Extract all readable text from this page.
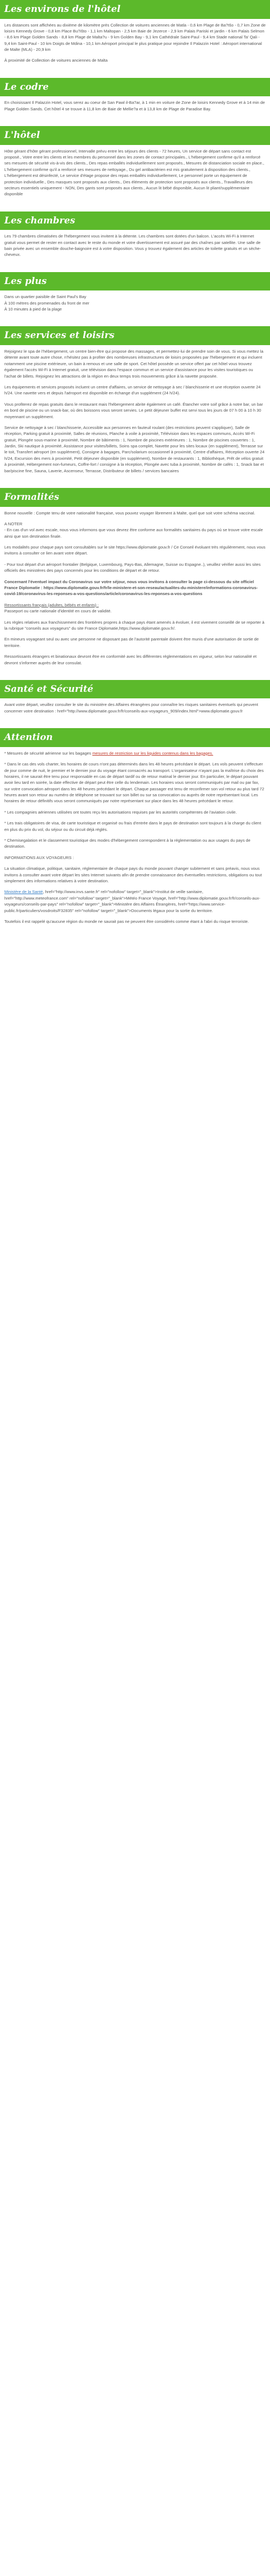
Les environs de l'hôtel

Les distances sont affichées au dixième de kilomètre près Collection de voitures anciennes de Matla - 0,6 km Plage de Ba?tšo - 0,7 km Zone de loisirs Kennedy Grove - 0,8 km Place Bu?išto - 1,1 km Maltopan - 2,5 km Baie de Jezerce - 2,9 km Palais Pariski et jardin - 6 km Palais Selmon - 8,6 km Plage Golden Sands - 8,8 km Plage de Malta?u - 9 km Golden Bay - 9,1 km Cathédrale Saint-Paul - 9,4 km Stade national Ta' Qali - 9,4 km Saint-Paul - 10 km Doigts de Mdina - 10,1 km Aéroport principal le plus pratique pour rejoindre Il Palazzin Hotel : Aéroport international de Malte (MLA) - 20,9 km

À proximité de Collection de voitures anciennes de Malta

Le codre

En choisissant Il Palazzin Hotel, vous serez au coeur de San Pawl il-Ba?ar, à 1 min en voiture de Zone de loisirs Kennedy Grove et à 14 min de Plage Golden Sands. Cet hôtel 4 se trouve à 11,8 km de Baie de Mellie?a et à 13,8 km de Plage de Paradise Bay.

L'hôtel

Hôte gérant d'hôte gérant professionnel, Intervalle prévu entre les séjours des clients - 72 heures, Un service de départ sans contact est proposé., Votre entre les clients et les membres du personnel dans les zones de contact principales., L'hébergement confirme qu'il a renforcé ses mesures de sécurité vis-à-vis des clients., Des repas emballés individuellement sont proposés., Mesures de distanciation sociale en place., L'hébergement confirme qu'il a renforcé ses mesures de nettoyage., Du gel antibactérien est mis gratuitement à disposition des clients., L'hébergement est désinfecté, Le service d'étage propose des repas emballés individuellement, Le personnel porte un équipement de protection individuelle., Des masques sont proposés aux clients., Des éléments de protection sont proposés aux clients., Travailleurs des secteurs essentiels uniquement - NON, Des gants sont proposés aux clients., Aucun lit bébé disponible, Aucun lit pliant/supplémentaire disponible

Les chambres

Les 79 chambres climatisées de l'hébergement vous invitent à la détente. Les chambres sont dotées d'un balcon. L'accès Wi-Fi à Internet gratuit vous permet de rester en contact avec le reste du monde et votre divertissement est assuré par des chaînes par satellite. Une salle de bain privée avec un ensemble douche-baignoire est à votre disposition. Vous y trouvez également des articles de toilette gratuits et un sèche-cheveux.

Les plus

Dans un quartier paisible de Saint Paul's Bay

À 100 mètres des promenades du front de mer

À 10 minutes à pied de la plage

Les services et loisirs

Rejoignez le spa de l'hébergement, un centre bien-être qui propose des massages, et permettez-lui de prendre soin de vous. Si vous mettez la détente avant toute autre chose, n'hésitez pas à profiter des nombreuses infrastructures de loisirs proposées par l'hébergement et qui incluent notamment une piscine extérieure, un bain à remous et une salle de sport. Cet hôtel possède un service offert par cet hôtel vous trouvez également l'accès Wi-Fi à Internet gratuit, une télévision dans l'espace commun et un service d'assistance pour les visites touristiques ou l'achat de billets. Rejoignez les attractions de la région en deux temps trois mouvements grâce à la navette proposée.

Les équipements et services proposés incluent un centre d'affaires, un service de nettoyage à sec / blanchisserie et une réception ouverte 24 h/24. Une navette vers et depuis l'aéroport est disponible en échange d'un supplément (24 h/24).

Vous profiterez de repas gratuits dans le restaurant mais l'hébergement abrite également un café. Étancher votre soif grâce à notre bar, un bar en bord de piscine ou un snack-bar, où des boissons vous seront servies. Le petit déjeuner buffet est servi tous les jours de 07 h 00 à 10 h 30 moyennant un supplément.

Service de nettoyage à sec / blanchisserie, Accessible aux personnes en fauteuil roulant (des restrictions peuvent s'appliquer), Salle de réception, Parking gratuit à proximité, Salles de réunions, Planche à voile à proximité, Télévision dans les espaces communs, Accès Wi-Fi gratuit, Plongée sous-marine à proximité, Nombre de bâtiments : 1, Nombre de piscines extérieures : 1, Nombre de piscines couvertes : 1, Jardin, Ski nautique à proximité, Assistance pour visites/billets, Soins spa complet, Navette pour les sites locaux (en supplément), Terrasse sur le toit, Transfert aéroport (en supplément), Consigne à bagages, Parc/solarium occasionnel à proximité, Centre d'affaires, Réception ouverte 24 h/24, Excursion des mers à proximité, Petit déjeuner disponible (en supplément), Nombre de restaurants : 1, Bibliothèque, Prêt de vélos gratuit à proximité, Hébergement non-fumeurs, Coffre-fort / consigne à la réception, Plongée avec tuba à proximité, Nombre de cafés : 1, Snack bar et bar/piscine fine, Sauna, Laverie, Ascenseur, Terrasse, Distributeur de billets / services bancaires

Formalités

Bonne nouvelle : Compte tenu de votre nationalité française, vous pouvez voyager librement à Malte, quel que soit votre schéma vaccinal.

A NOTER

- En cas d'un vol avec escale, nous vous informons que vous devrez être conforme aux formalités sanitaires du pays où se trouve votre escale ainsi que son destination finale.

Les modalités pour chaque pays sont consultables sur le site https://www.diplomatie.gouv.fr / Ce Conseil évoluant très régulièrement, nous vous invitons à consulter ce lien avant votre départ.

- Pour tout départ d'un aéroport frontalier (Belgique, Luxembourg, Pays-Bas, Allemagne, Suisse ou Espagne..), veuillez vérifier aussi les sites officiels des ministères des pays concernés pour les conditions de départ et de retour.

Concernant l'éventuel impact du Coronavirus sur votre séjour, nous vous invitons à consulter la page ci-dessous du site officiel France Diplomatie : https://www.diplomatie.gouv.fr/fr/le-ministere-et-son-reseau/actualites-du-ministere/informations-coronavirus-covid-19/coronavirus-les-reponses-a-vos-questions/article/coronavirus-les-reponses-a-vos-questions

Ressortissants français (adultes, bébés et enfants) :

Passeport ou carte nationale d'identité en cours de validité.

Les règles relatives aux franchissement des frontières propres à chaque pays étant amenés à évoluer, il est vivement conseillé de se reporter à la rubrique "conseils aux voyageurs" du site France Diplomatie,https://www.diplomatie.gouv.fr/.

En mineurs voyageant seul ou avec une personne ne disposant pas de l'autorité parentale doivent être munis d'une autorisation de sortie de territoire.

Ressortissants étrangers et binationaux devront être en conformité avec les différentes réglementations en vigueur, selon leur nationalité et devront s'informer auprès de leur consulat.

Santé et Sécurité

Avant votre départ, veuillez consulter le site du ministère des Affaires étrangères pour connaître les risques sanitaires éventuels qui peuvent concerner votre destination : href="http://www.diplomatie.gouv.fr/fr/conseils-aux-voyageurs_909/index.html">www.diplomatie.gouv.fr

Attention

* Mesures de sécurité aérienne sur les bagages mesures de restriction sur les liquides contenus dans les bagages.

* Dans le cas des vols charter, les horaires de cours n'ont pas déterminés dans les 48 heures précédant le départ. Les vols peuvent s'effectuer de jour comme de nuit, le premier et le dernier jour du voyage étant consacrés au transport. L'organisateur n'ayant pas la maîtrise du choix des horaires, il ne saurait être tenu pour responsable en cas de départ tardif ou de retour matinal le dernier jour. En particulier, le départ pouvant avoir lieu tard en soirée, la date effective de départ peut être celle du lendemain. Les horaires vous seront communiqués par mail ou par fax, sur votre convocation aéroport dans les 48 heures précédant le départ. Chaque passager est tenu de reconfirmer son vol retour au plus tard 72 heures avant son retour au numéro de téléphone se trouvant sur son billet ou sur sa convocation ou auprès de notre représentant local. Les horaires de retour définitifs vous seront communiqués par notre représentant sur place dans les 48 heures précédant le retour.

* Les compagnies aériennes utilisées ont toutes reçu les autorisations requises par les autorités compétentes de l'aviation civile.

* Les trais obligatoires de visa, de carte touristique et organisé ou frais d'entrée dans le pays de destination sont toujours à la charge du client en plus du prix du vol, du séjour ou du circuit déjà réglés.

* Chemisegalation et le classement touristique des modes d'hébergement correspondent à la réglementation ou aux usages du pays de destination.

INFORMATIONS AUX VOYAGEURS :

La situation climatique, politique, sanitaire, réglementaire de chaque pays du monde pouvant changer subitement et sans préavis, nous vous invitons à consulter avant votre départ les sites Internet suivants afin de prendre connaissance des éventuelles restrictions, obligations ou tout simplement des informations relatives à votre destination.

Ministère de la Santé, href="http://www.invs.sante.fr" rel="nofollow" target="_blank">Institut de veille sanitaire, href="http://www.meteofrance.com" rel="nofollow" target="_blank">Météo France Voyage, href="http://www.diplomatie.gouv.fr/fr/conseils-aux-voyageurs/conseils-par-pays" rel="nofollow" target="_blank">Ministère des Affaires Étrangères, href="https://www.service-public.fr/particuliers/vosdroits/F32835" rel="nofollow" target="_blank">Documents légaux pour la sortie du territoire.

Toutefois il est rappelé qu'aucune région du monde ne saurait pas ne peuvent être considérés comme étant à l'abri du risque terroriste.
